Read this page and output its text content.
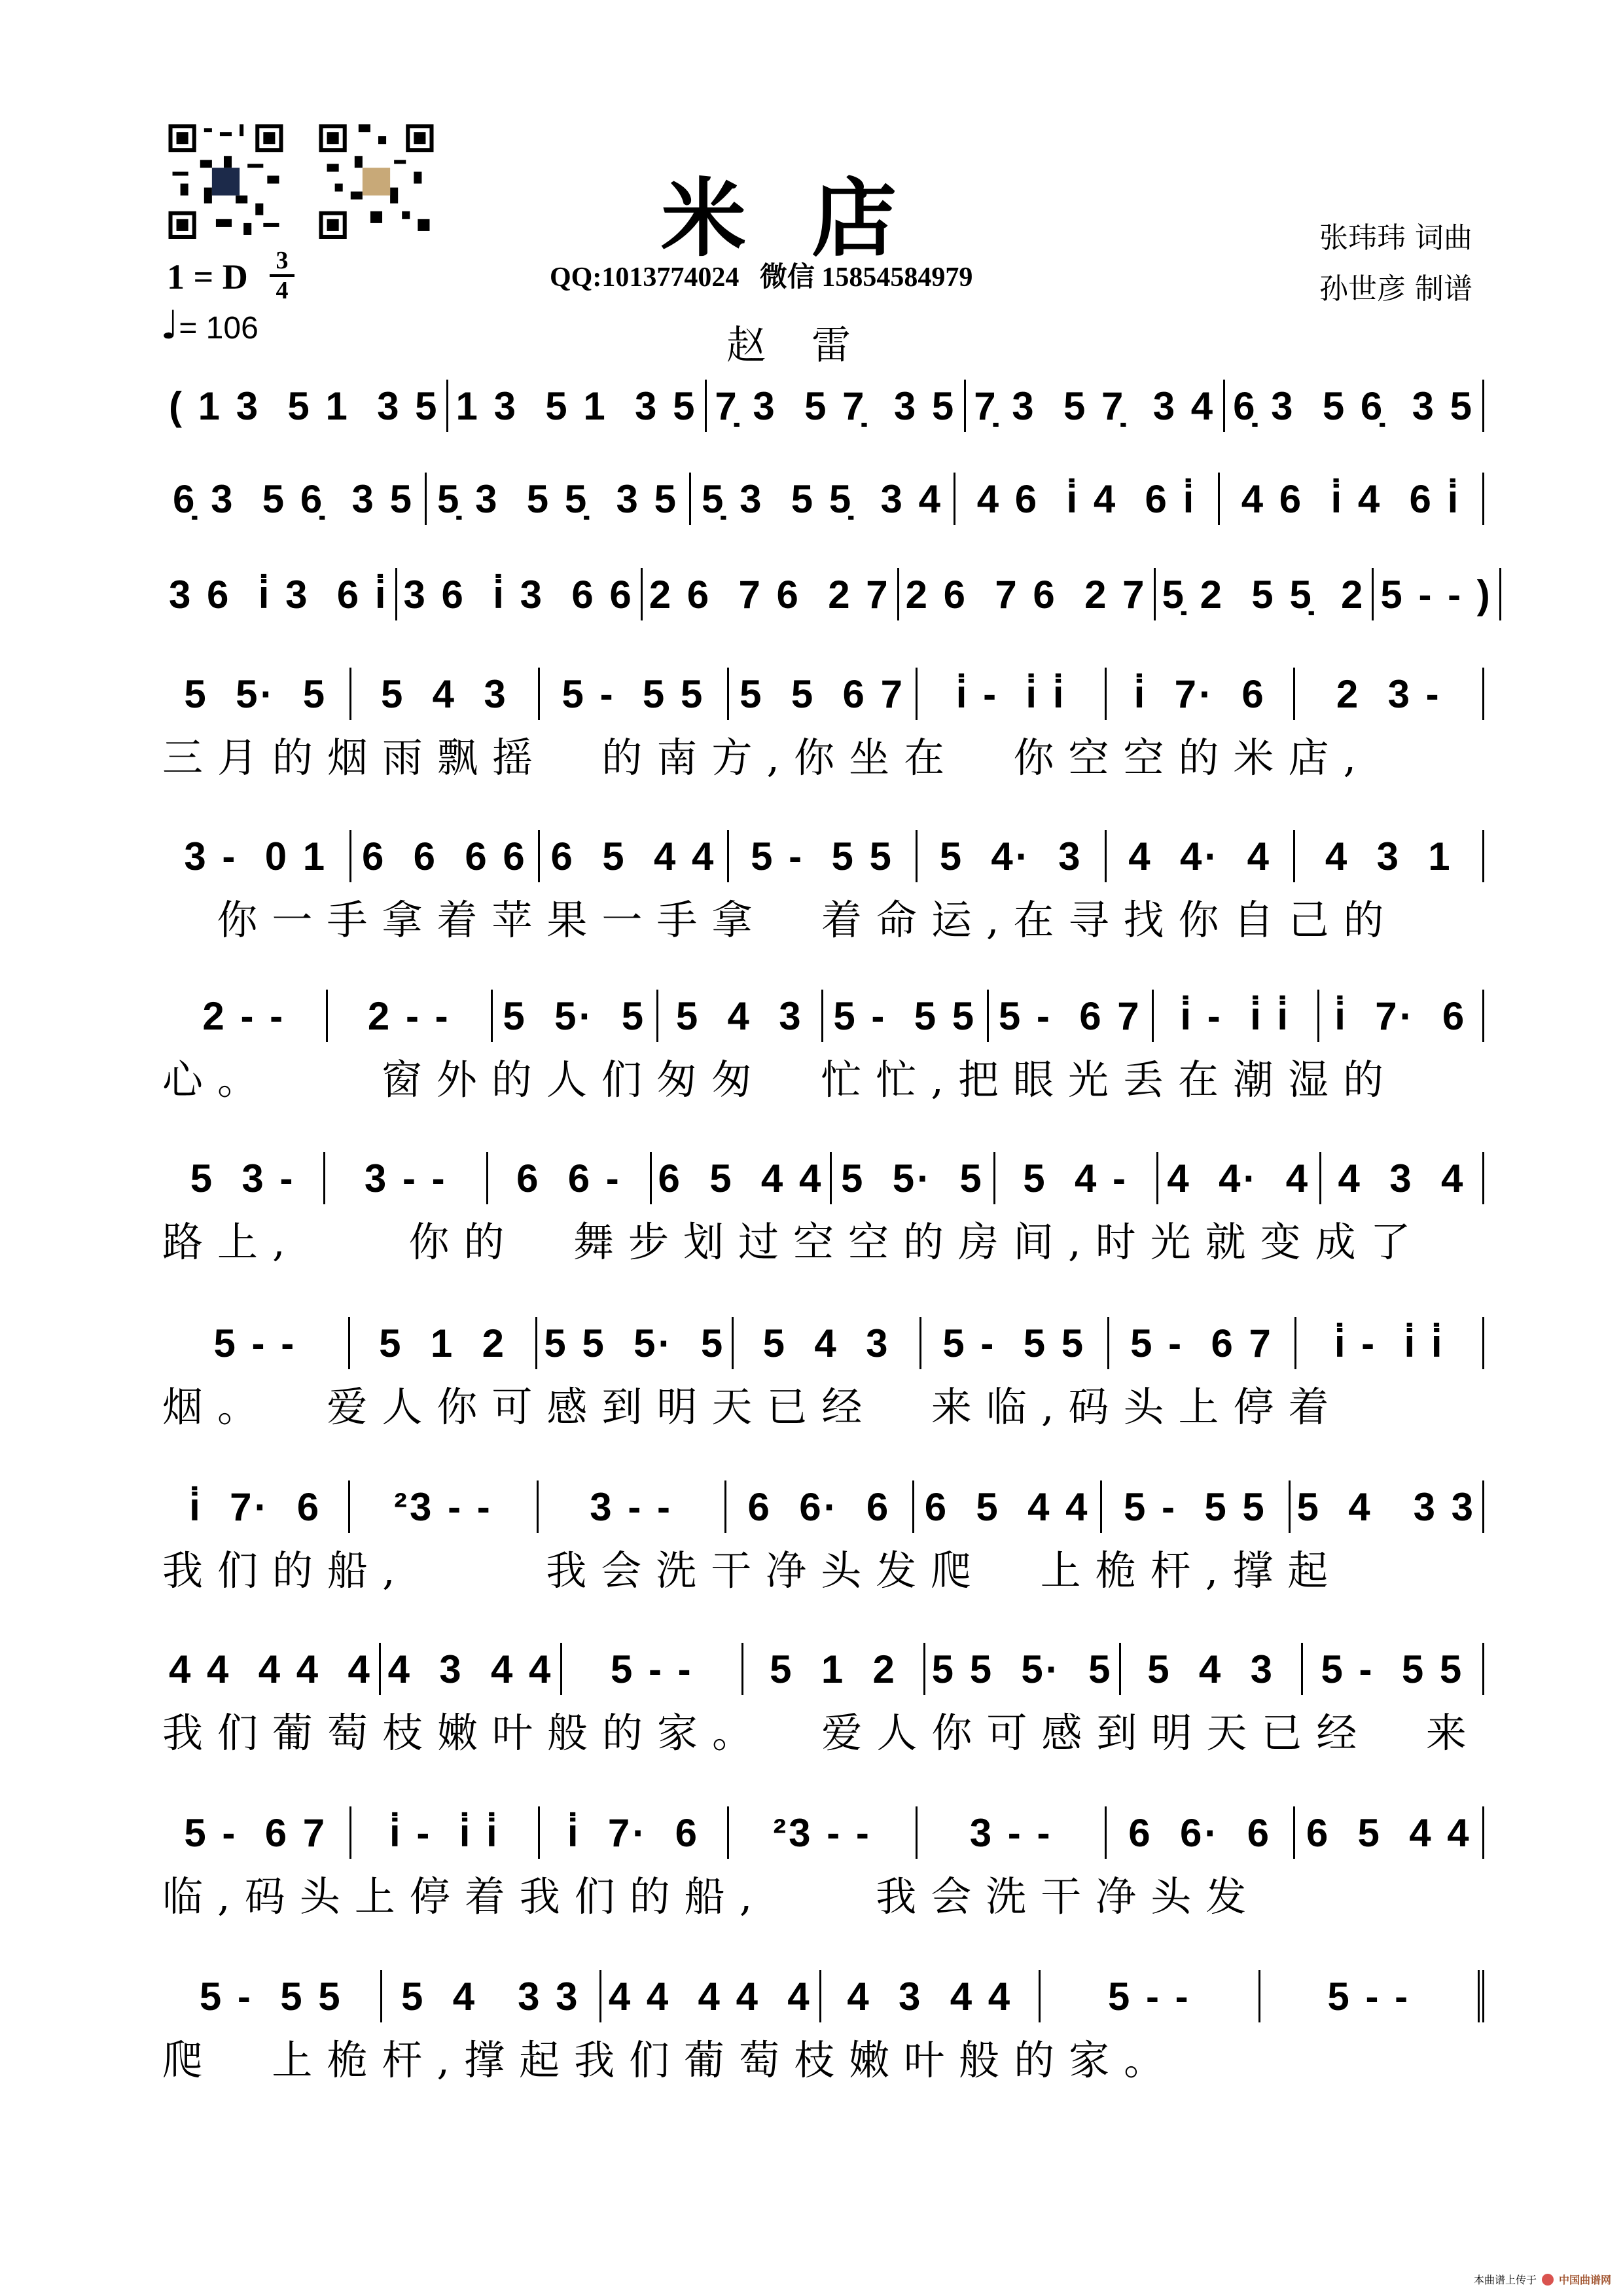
米店
QQ:1013774024   微信 15854584979
张玮玮 词曲
孙世彦 制谱
1 = D 3
4
♩= 106	赵雷
( 1 3  5 1  3 5 1 3  5 1  3 5 7̣ 3  5 7̣  3 5 7̣ 3  5 7̣  3 4 6̣ 3  5 6̣  3 5
6̣ 3  5 6̣  3 5 5̣ 3  5 5̣  3 5 5̣ 3  5 5̣  3 4 4 6  i̇ 4  6 i̇	4 6  i̇ 4  6 i̇
3 6  i̇ 3  6 i̇ 3 6  i̇ 3  6 6 2 6  7 6  2 7 2 6  7 6  2 7 5̣ 2  5 5̣  2 5 - - )
5  5·  5	5  4  3	5 -  5 5 5  5  6 7	i̇ -  i̇ i̇	i̇  7·  6	2  3 -
三月的烟雨飘摇  的南方,你坐在  你空空的米店,
3 -  0 1 6  6  6 6 6  5  4 4 5 -  5 5	5  4·  3	4  4·  4	4  3  1
你一手拿着苹果一手拿  着命运,在寻找你自己的
2 - -	2 - -	5  5·  5 5  4  3 5 -  5 5 5 -  6 7 i̇ -  i̇ i̇	i̇  7·  6
心。    窗外的人们匆匆  忙忙,把眼光丢在潮湿的
5  3 -	3 - -	6  6 - 6  5  4 4 5  5·  5 5  4 - 4  4·  4 4  3  4
路上,    你的  舞步划过空空的房间,时光就变成了
5 - -	5  1  2 5 5  5·  5 5  4  3	5 -  5 5	5 -  6 7	i̇ -  i̇ i̇
烟。  爱人你可感到明天已经  来临,码头上停着
i̇  7·  6	²3 - -	3 - -	6  6·  6 6  5  4 4 5 -  5 5 5  4   3 3
我们的船,     我会洗干净头发爬  上桅杆,撑起
4 4  4 4  4 4  3  4 4	5 - -	5  1  2 5 5  5·  5 5  4  3	5 -  5 5
我们葡萄枝嫩叶般的家。  爱人你可感到明天已经  来
5 -  6 7	i̇ -  i̇ i̇	i̇  7·  6	²3 - -	3 - -	6  6·  6 6  5  4 4
临,码头上停着我们的船,    我会洗干净头发
5 -  5 5	5  4   3 3 4 4  4 4  4 4  3  4 4	5 - -	5 - -
爬  上桅杆,撑起我们葡萄枝嫩叶般的家。
本曲谱上传于 中国曲谱网
